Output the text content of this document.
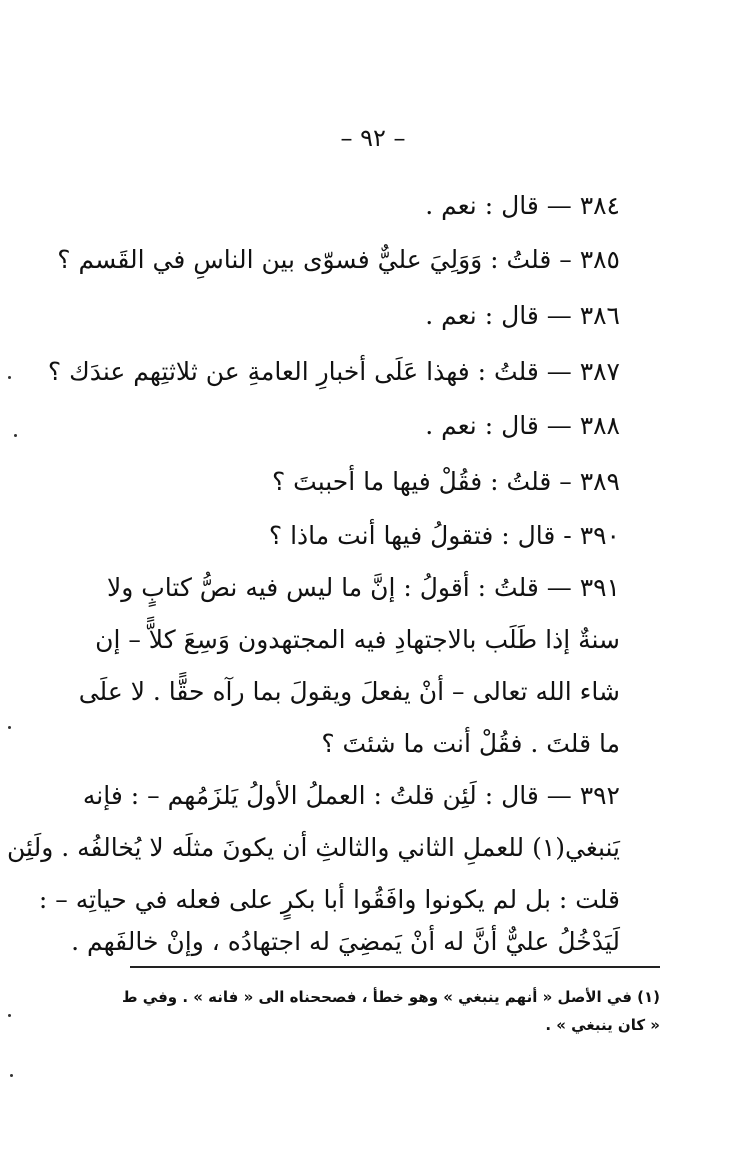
– ٩٢ –
٣٨٤ — قال : نعم .
٣٨٥ – قلتُ : وَوَلِيَ عليٌّ فسوّى بين الناسِ في القَسم ؟
٣٨٦ — قال : نعم .
٣٨٧ — قلتُ : فهذا عَلَى أخبارِ العامةِ عن ثلاثتِهم عندَك ؟
٣٨٨ — قال : نعم .
٣٨٩ – قلتُ : فقُلْ فيها ما أحببتَ ؟
٣٩٠ - قال : فتقولُ فيها أنت ماذا ؟
٣٩١ — قلتُ : أقولُ : إنَّ ما ليس فيه نصُّ كتابٍ ولا
سنةٌ إذا طَلَب بالاجتهادِ فيه المجتهدون وَسِعَ كلاًّ – إن
شاء الله تعالى – أنْ يفعلَ ويقولَ بما رآه حقًّا . لا علَى
ما قلتَ . فقُلْ أنت ما شئتَ ؟
٣٩٢ — قال : لَئِن قلتُ : العملُ الأولُ يَلزَمُهم – : فإنه
يَنبغي(١) للعملِ الثاني والثالثِ أن يكونَ مثلَه لا يُخالفُه . ولَئِن
قلت : بل لم يكونوا وافَقُوا أبا بكرٍ على فعله في حياتِه – :
لَيَدْخُلُ عليٌّ أنَّ له أنْ يَمضِيَ له اجتهادُه ، وإنْ خالفَهم .
(١) في الأصل « أنهم ينبغي » وهو خطأ ، فصححناه الى « فانه » . وفي ط
« كان ينبغي » .
